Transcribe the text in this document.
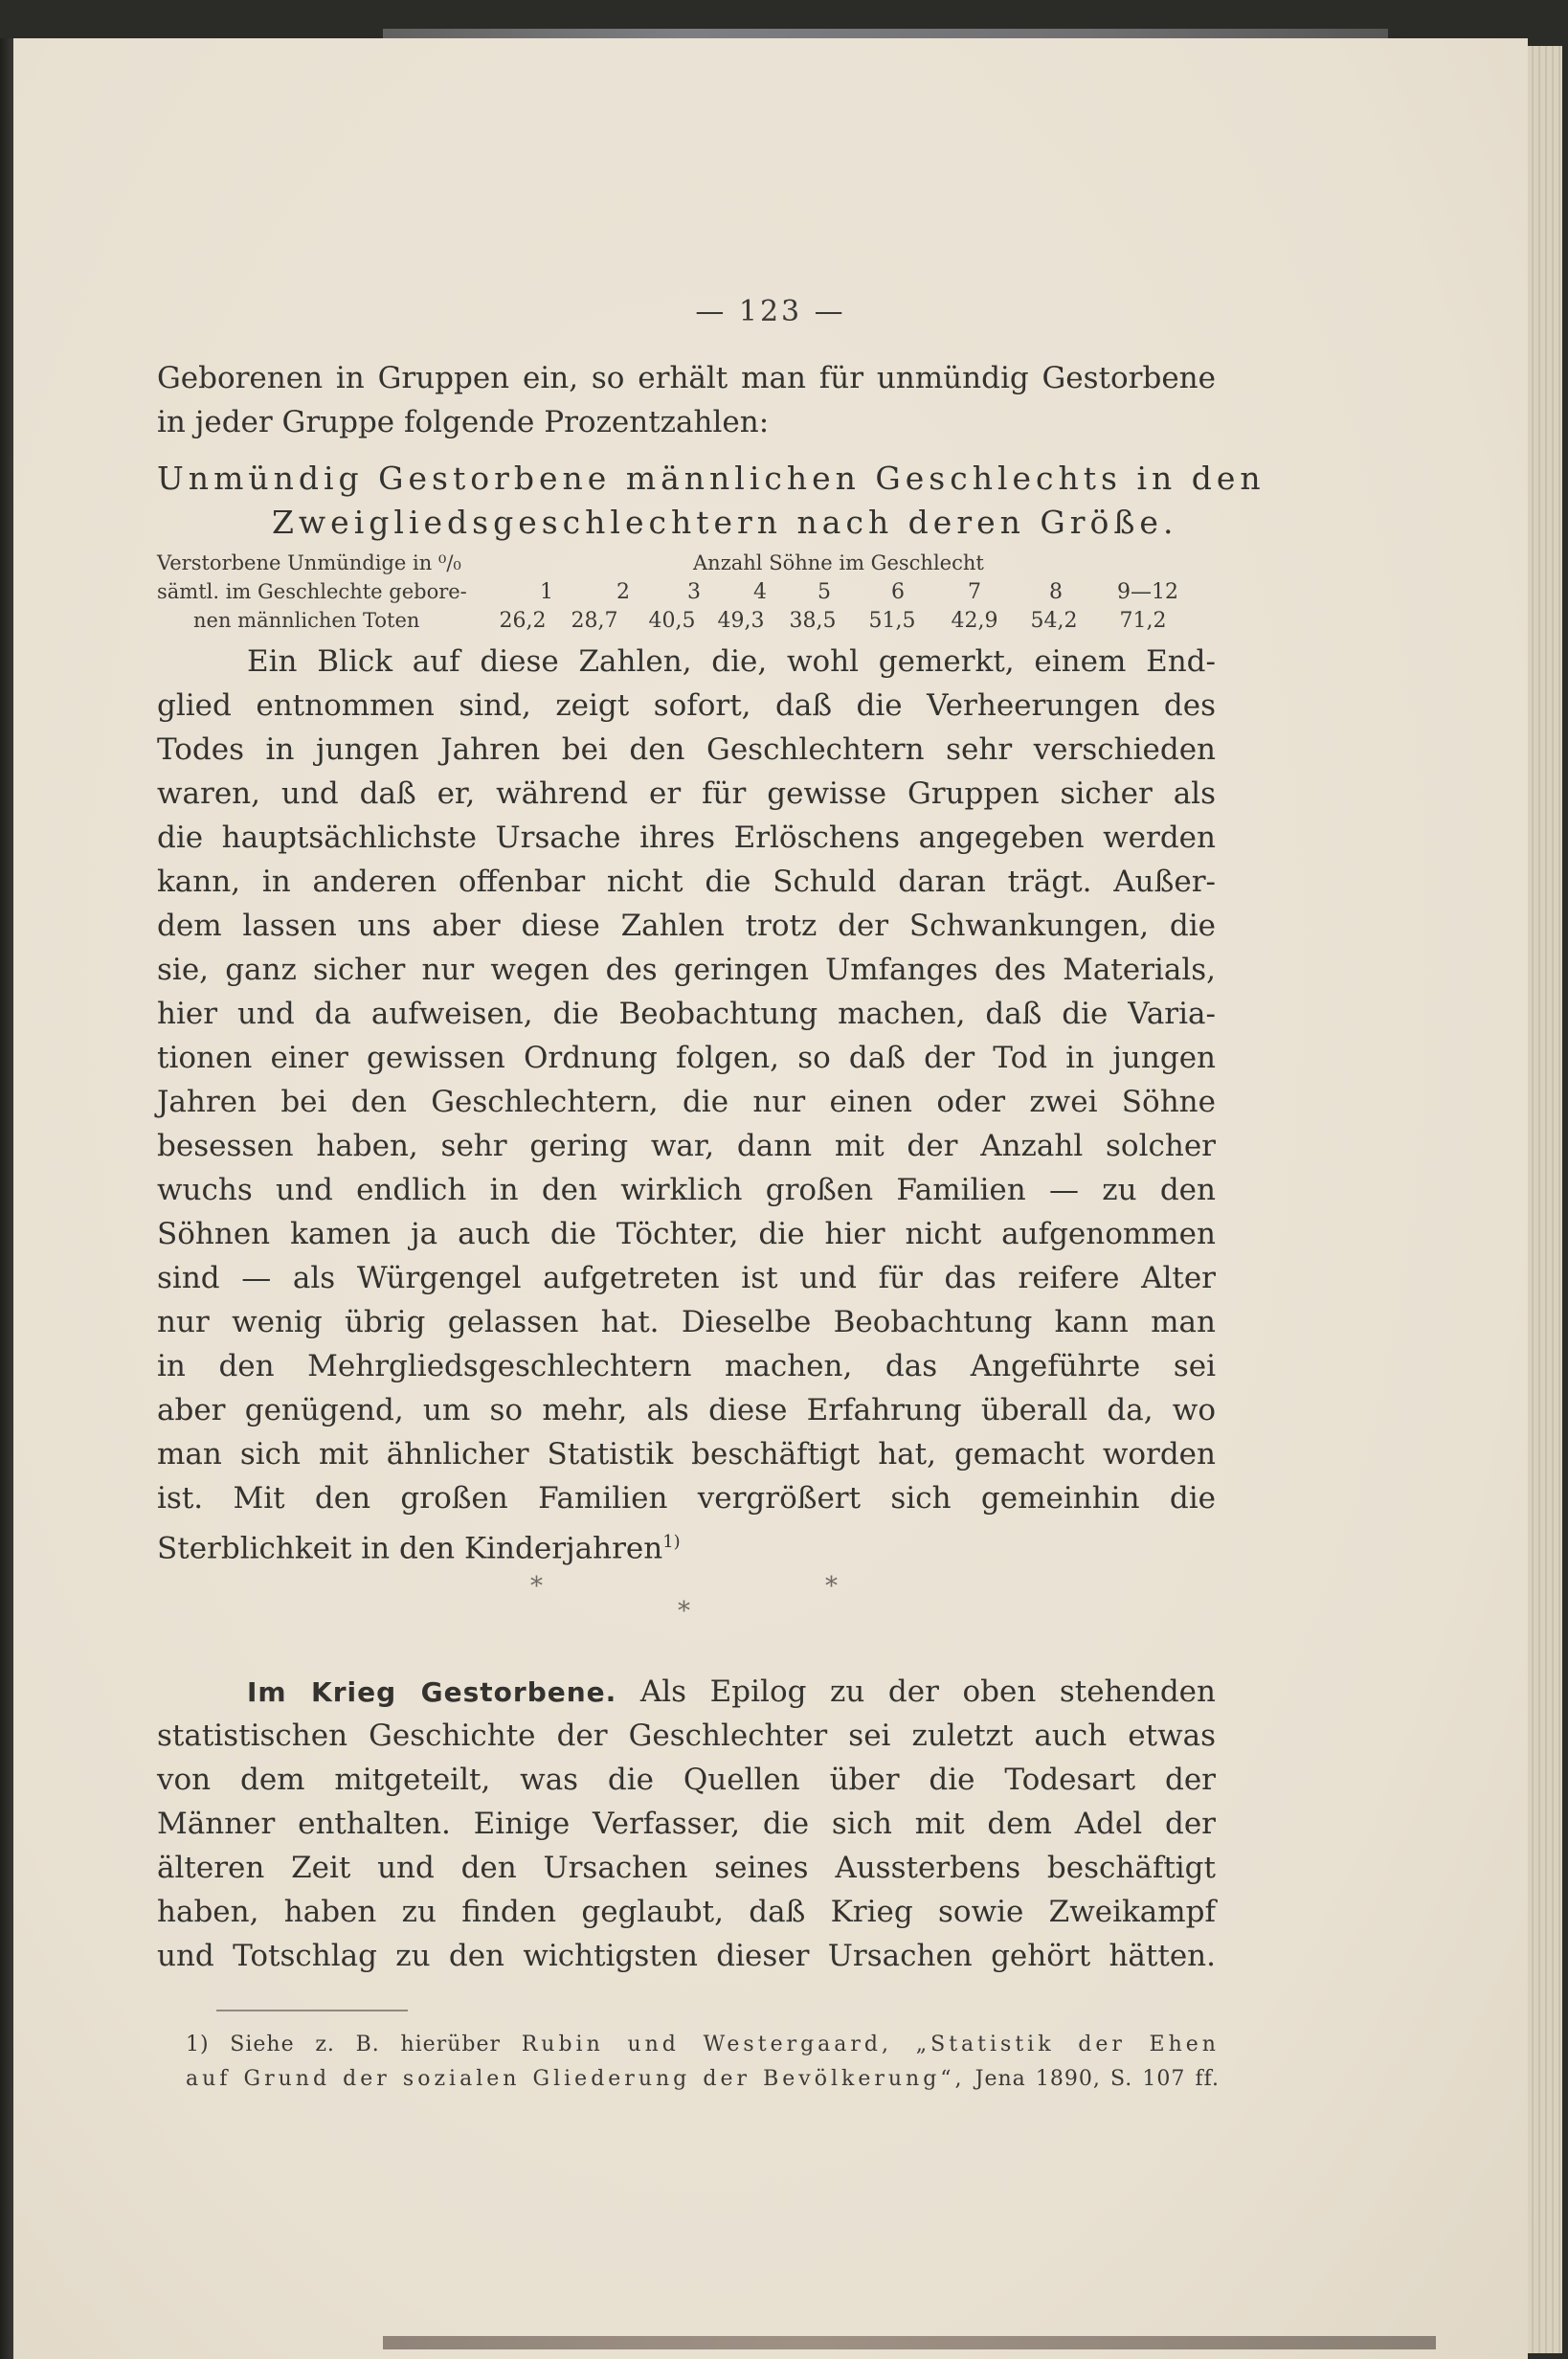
— 123 —
Geborenen in Gruppen ein, so erhält man für unmündig Gestorbene
in jeder Gruppe folgende Prozentzahlen:
Unmündig Gestorbene männlichen Geschlechts in den
Zweigliedsgeschlechtern nach deren Größe.
Verstorbene Unmündige in ⁰/₀	Anzahl Söhne im Geschlecht
sämtl. im Geschlechte gebore-	1	2	3	4	5	6	7	8	9—12
nen männlichen Toten	26,2	28,7	40,5	49,3	38,5	51,5	42,9	54,2	71,2
Ein Blick auf diese Zahlen, die, wohl gemerkt, einem End-
glied entnommen sind, zeigt sofort, daß die Verheerungen des
Todes in jungen Jahren bei den Geschlechtern sehr verschieden
waren, und daß er, während er für gewisse Gruppen sicher als
die hauptsächlichste Ursache ihres Erlöschens angegeben werden
kann, in anderen offenbar nicht die Schuld daran trägt. Außer-
dem lassen uns aber diese Zahlen trotz der Schwankungen, die
sie, ganz sicher nur wegen des geringen Umfanges des Materials,
hier und da aufweisen, die Beobachtung machen, daß die Varia-
tionen einer gewissen Ordnung folgen, so daß der Tod in jungen
Jahren bei den Geschlechtern, die nur einen oder zwei Söhne
besessen haben, sehr gering war, dann mit der Anzahl solcher
wuchs und endlich in den wirklich großen Familien — zu den
Söhnen kamen ja auch die Töchter, die hier nicht aufgenommen
sind — als Würgengel aufgetreten ist und für das reifere Alter
nur wenig übrig gelassen hat. Dieselbe Beobachtung kann man
in den Mehrgliedsgeschlechtern machen, das Angeführte sei
aber genügend, um so mehr, als diese Erfahrung überall da, wo
man sich mit ähnlicher Statistik beschäftigt hat, gemacht worden
ist. Mit den großen Familien vergrößert sich gemeinhin die
Sterblichkeit in den Kinderjahren$^{1)}$
*	*
*
Im Krieg Gestorbene. Als Epilog zu der oben stehenden
statistischen Geschichte der Geschlechter sei zuletzt auch etwas
von dem mitgeteilt, was die Quellen über die Todesart der
Männer enthalten. Einige Verfasser, die sich mit dem Adel der
älteren Zeit und den Ursachen seines Aussterbens beschäftigt
haben, haben zu finden geglaubt, daß Krieg sowie Zweikampf
und Totschlag zu den wichtigsten dieser Ursachen gehört hätten.
1) Siehe z. B. hierüber Rubin und Westergaard, „Statistik der Ehen
auf Grund der sozialen Gliederung der Bevölkerung“, Jena 1890, S. 107 ff.
